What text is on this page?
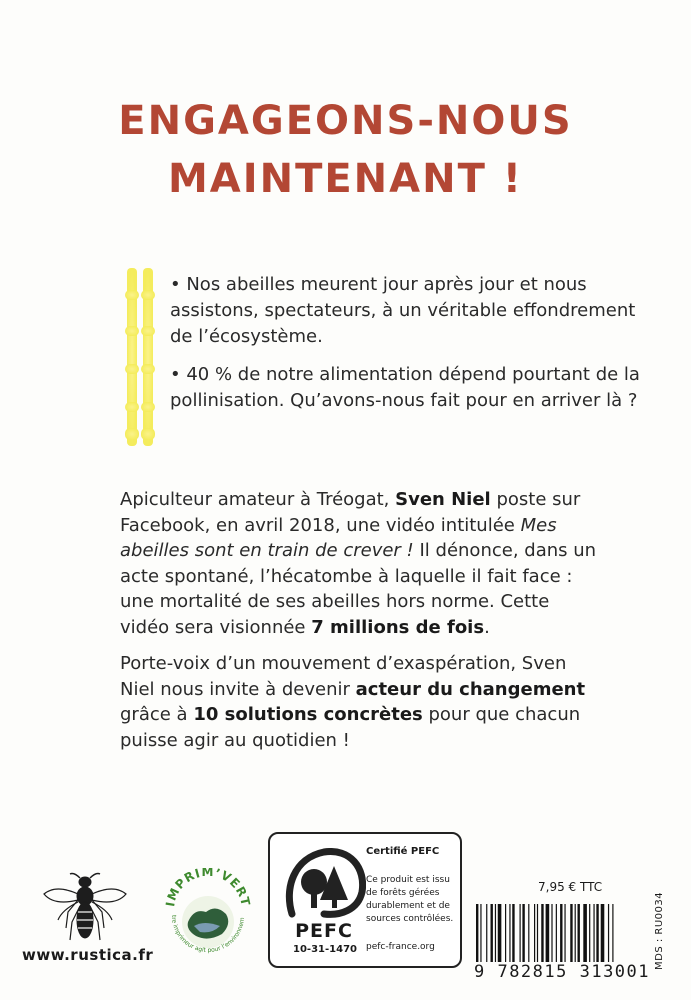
ENGAGEONS-NOUS
MAINTENANT !

• Nos abeilles meurent jour après jour et nous assistons, spectateurs, à un véritable effondrement de l’écosystème.

• 40 % de notre alimentation dépend pourtant de la pollinisation. Qu’avons-nous fait pour en arriver là ?

Apiculteur amateur à Tréogat, Sven Niel poste sur Facebook, en avril 2018, une vidéo intitulée Mes abeilles sont en train de crever ! Il dénonce, dans un acte spontané, l’hécatombe à laquelle il fait face : une mortalité de ses abeilles hors norme. Cette vidéo sera visionnée 7 millions de fois.

Porte-voix d’un mouvement d’exaspération, Sven Niel nous invite à devenir acteur du changement grâce à 10 solutions concrètes pour que chacun puisse agir au quotidien !

www.rustica.fr
IMPRIM’VERT
tre imprimeur agit pour l’environnem	PEFC
10-31-1470
Certifié PEFC
Ce produit est issu de forêts gérées durablement et de sources contrôlées.
pefc-france.org
7,95 € TTC
9 782815 313001
MDS : RU0034
